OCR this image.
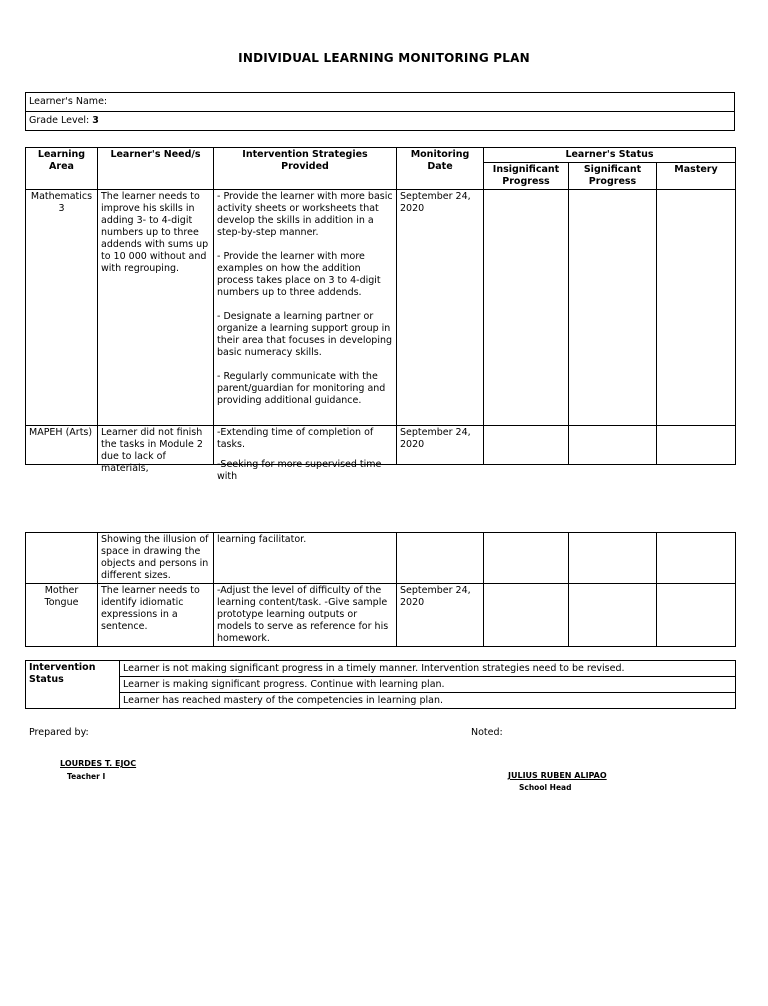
INDIVIDUAL LEARNING MONITORING PLAN
Learner's Name:
Grade Level: 3
Learning Area	Learner's Need/s	Intervention Strategies Provided	Monitoring Date	Learner's Status		
				Insignificant Progress	Significant Progress	Mastery
Mathematics 3	The learner needs to improve his skills in adding 3- to 4-digit numbers up to three addends with sums up to 10 000 without and with regrouping.	- Provide the learner with more basic activity sheets or worksheets that develop the skills in addition in a step-by-step manner.

- Provide the learner with more examples on how the addition process takes place on 3 to 4-digit numbers up to three addends.

- Designate a learning partner or organize a learning support group in their area that focuses in developing basic numeracy skills.

- Regularly communicate with the parent/guardian for monitoring and providing additional guidance.	September 24, 2020			

MAPEH (Arts)	Learner did not finish the tasks in Module 2 due to lack of materials,	-Extending time of completion of tasks.

-Seeking for more supervised time with	September 24, 2020			

	Showing the illusion of space in drawing the objects and persons in different sizes.	learning facilitator.				
Mother Tongue	The learner needs to identify idiomatic expressions in a sentence.	-Adjust the level of difficulty of the learning content/task. -Give sample prototype learning outputs or models to serve as reference for his homework.	September 24, 2020			
Intervention Status	Learner is not making significant progress in a timely manner. Intervention strategies need to be revised.
Learner is making significant progress. Continue with learning plan.
Learner has reached mastery of the competencies in learning plan.
Prepared by:	Noted:
LOURDES T. EJOC
Teacher I	JULIUS RUBEN ALIPAO
School Head
